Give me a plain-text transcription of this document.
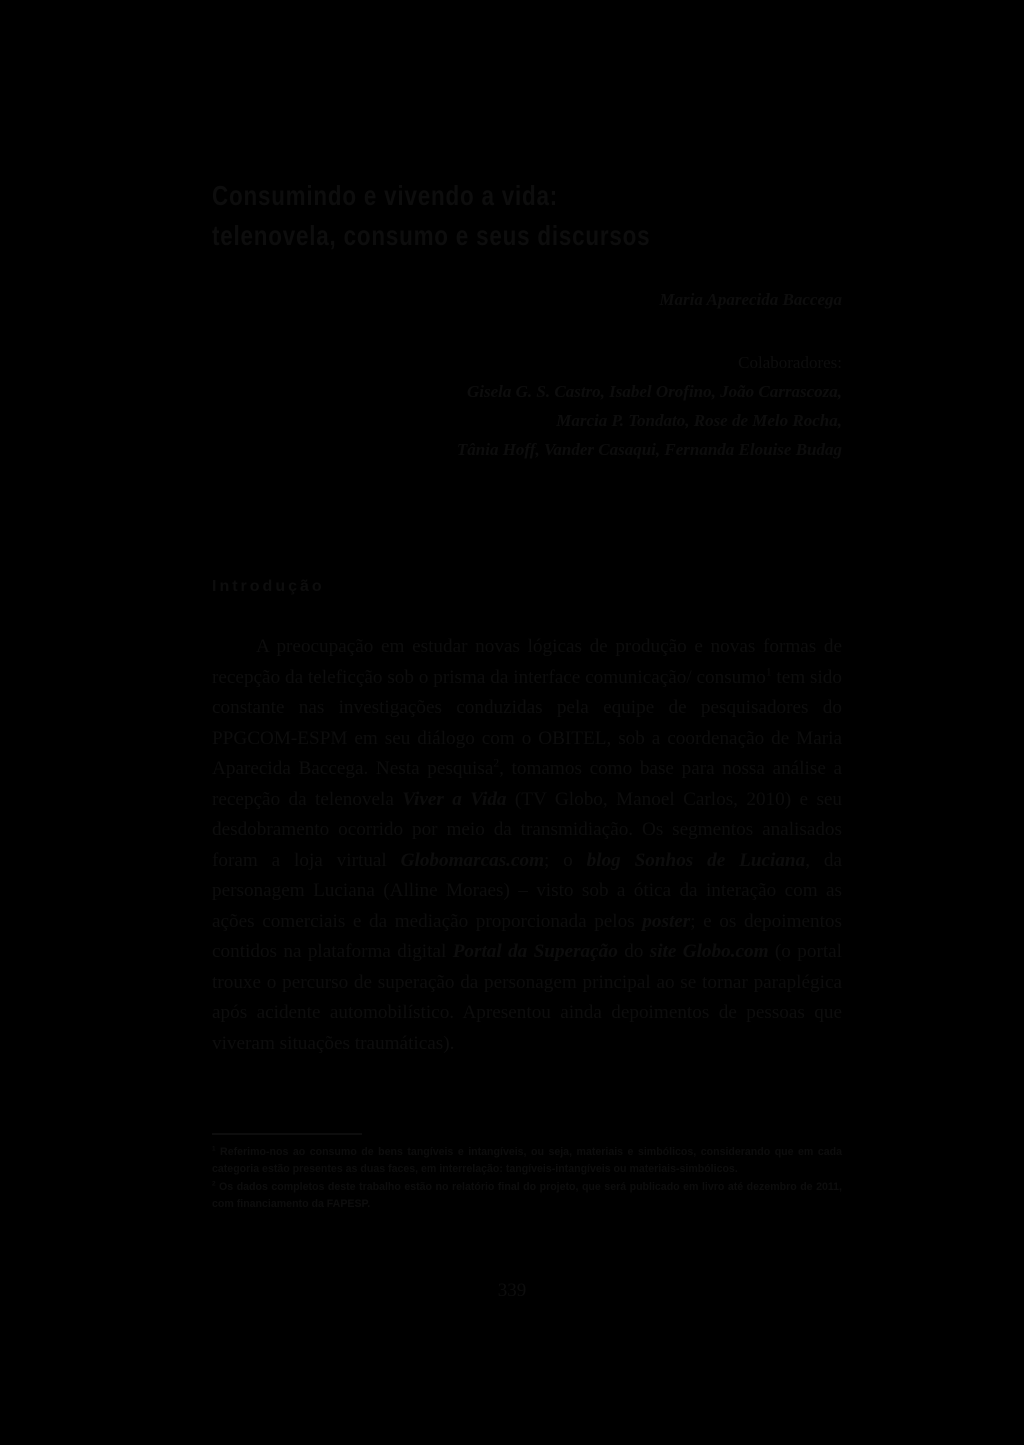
Consumindo e vivendo a vida:
telenovela, consumo e seus discursos
Maria Aparecida Baccega
Colaboradores:
Gisela G. S. Castro, Isabel Orofino, João Carrascoza,
Marcia P. Tondato, Rose de Melo Rocha,
Tânia Hoff, Vander Casaqui, Fernanda Elouise Budag
Introdução

A preocupação em estudar novas lógicas de produção e novas formas de recepção da teleficção sob o prisma da interface comunicação/ consumo$^1$ tem sido constante nas investigações conduzidas pela equipe de pesquisadores do PPGCOM-ESPM em seu diálogo com o OBITEL, sob a coordenação de Maria Aparecida Baccega. Nesta pesquisa$^2$, tomamos como base para nossa análise a recepção da telenovela Viver a Vida (TV Globo, Manoel Carlos, 2010) e seu desdobramento ocorrido por meio da transmidiação. Os segmentos analisados foram a loja virtual Globomarcas.com; o blog Sonhos de Luciana, da personagem Luciana (Alline Moraes) – visto sob a ótica da interação com as ações comerciais e da mediação proporcionada pelos poster; e os depoimentos contidos na plataforma digital Portal da Superação do site Globo.com (o portal trouxe o percurso de superação da personagem principal ao se tornar paraplégica após acidente automobilístico. Apresentou ainda depoimentos de pessoas que viveram situações traumáticas).

$^1$ Referimo-nos ao consumo de bens tangíveis e intangíveis, ou seja, materiais e simbólicos, considerando que em cada categoria estão presentes as duas faces, em interrelação: tangíveis-intangíveis ou materiais-simbólicos.

$^2$ Os dados completos deste trabalho estão no relatório final do projeto, que será publicado em livro até dezembro de 2011, com financiamento da FAPESP.

339
